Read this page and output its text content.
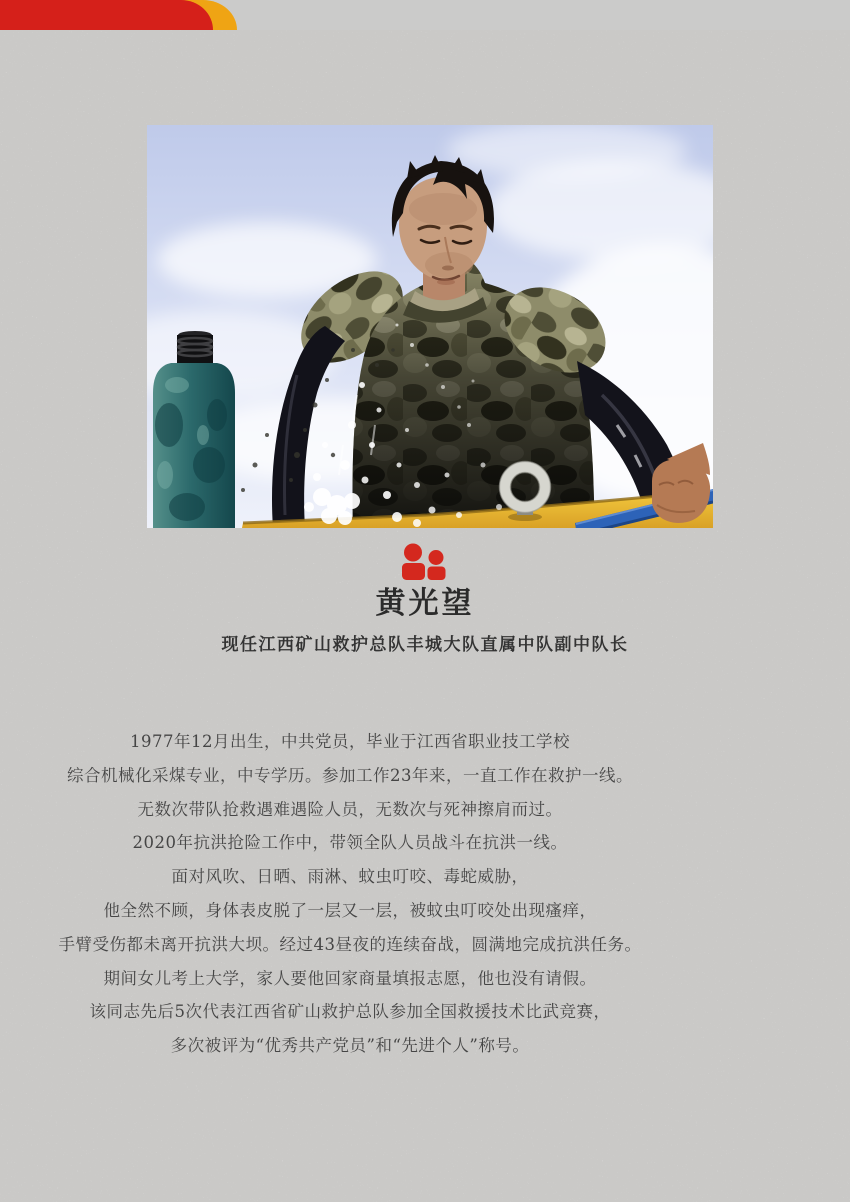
黄光望
现任江西矿山救护总队丰城大队直属中队副中队长
1977年12月出生，中共党员，毕业于江西省职业技工学校
综合机械化采煤专业，中专学历。参加工作23年来，一直工作在救护一线。
无数次带队抢救遇难遇险人员，无数次与死神擦肩而过。
2020年抗洪抢险工作中，带领全队人员战斗在抗洪一线。
面对风吹、日晒、雨淋、蚊虫叮咬、毒蛇威胁，
他全然不顾，身体表皮脱了一层又一层，被蚊虫叮咬处出现瘙痒，
手臂受伤都未离开抗洪大坝。经过43昼夜的连续奋战，圆满地完成抗洪任务。
期间女儿考上大学，家人要他回家商量填报志愿，他也没有请假。
该同志先后5次代表江西省矿山救护总队参加全国救援技术比武竞赛，
多次被评为“优秀共产党员”和“先进个人”称号。
